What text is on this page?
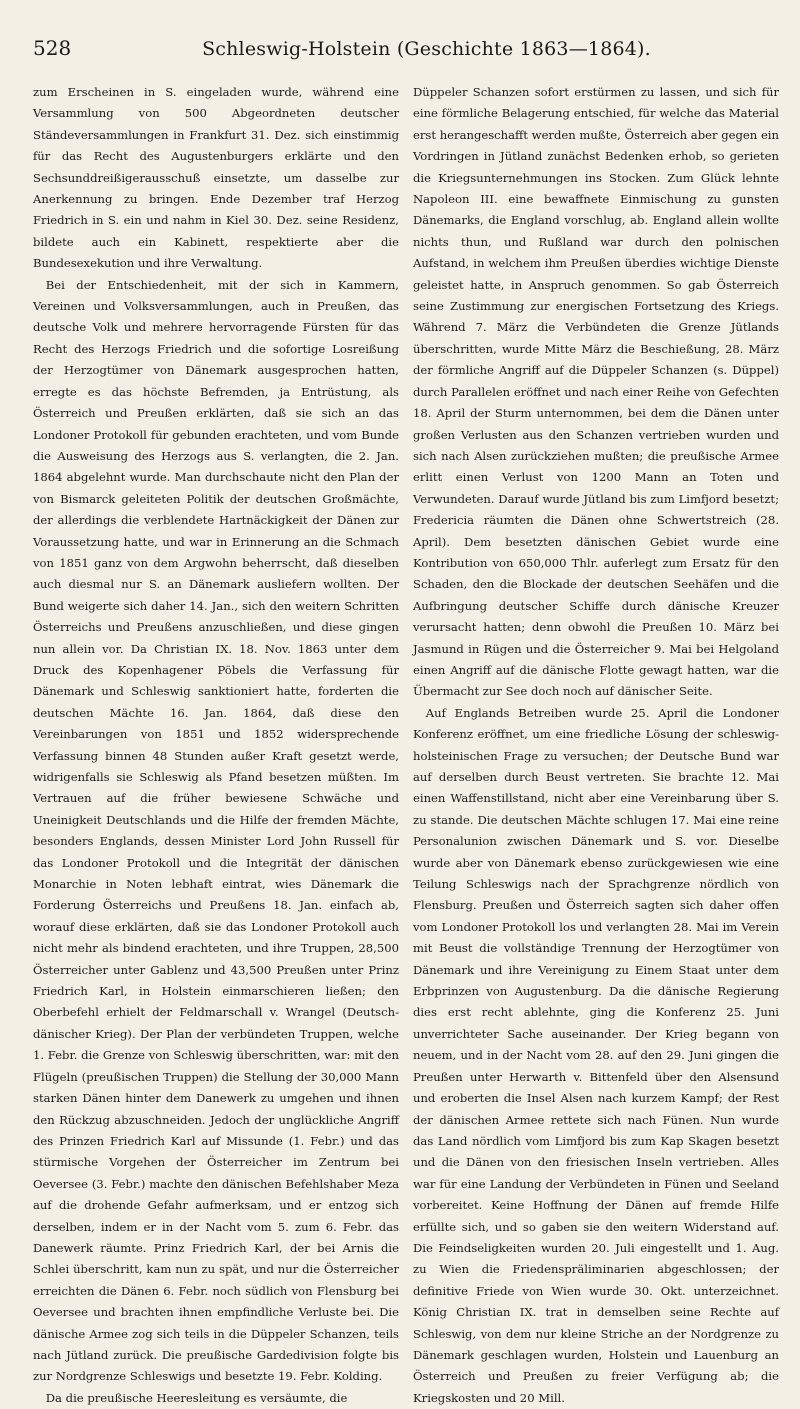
528	Schleswig-Holstein (Geschichte 1863—1864).

zum Erscheinen in S. eingeladen wurde, während eine Versammlung von 500 Abgeordneten deutscher Ständeversammlungen in Frankfurt 31. Dez. sich einstimmig für das Recht des Augustenburgers erklärte und den Sechsunddreißigerausschuß einsetzte, um dasselbe zur Anerkennung zu bringen. Ende Dezember traf Herzog Friedrich in S. ein und nahm in Kiel 30. Dez. seine Residenz, bildete auch ein Kabinett, respektierte aber die Bundesexekution und ihre Verwaltung.

Bei der Entschiedenheit, mit der sich in Kammern, Vereinen und Volksversammlungen, auch in Preußen, das deutsche Volk und mehrere hervorragende Fürsten für das Recht des Herzogs Friedrich und die sofortige Losreißung der Herzogtümer von Dänemark ausgesprochen hatten, erregte es das höchste Befremden, ja Entrüstung, als Österreich und Preußen erklärten, daß sie sich an das Londoner Protokoll für gebunden erachteten, und vom Bunde die Ausweisung des Herzogs aus S. verlangten, die 2. Jan. 1864 abgelehnt wurde. Man durchschaute nicht den Plan der von Bismarck geleiteten Politik der deutschen Großmächte, der allerdings die verblendete Hartnäckigkeit der Dänen zur Voraussetzung hatte, und war in Erinnerung an die Schmach von 1851 ganz von dem Argwohn beherrscht, daß dieselben auch diesmal nur S. an Dänemark ausliefern wollten. Der Bund weigerte sich daher 14. Jan., sich den weitern Schritten Österreichs und Preußens anzuschließen, und diese gingen nun allein vor. Da Christian IX. 18. Nov. 1863 unter dem Druck des Kopenhagener Pöbels die Verfassung für Dänemark und Schleswig sanktioniert hatte, forderten die deutschen Mächte 16. Jan. 1864, daß diese den Vereinbarungen von 1851 und 1852 widersprechende Verfassung binnen 48 Stunden außer Kraft gesetzt werde, widrigenfalls sie Schleswig als Pfand besetzen müßten. Im Vertrauen auf die früher bewiesene Schwäche und Uneinigkeit Deutschlands und die Hilfe der fremden Mächte, besonders Englands, dessen Minister Lord John Russell für das Londoner Protokoll und die Integrität der dänischen Monarchie in Noten lebhaft eintrat, wies Dänemark die Forderung Österreichs und Preußens 18. Jan. einfach ab, worauf diese erklärten, daß sie das Londoner Protokoll auch nicht mehr als bindend erachteten, und ihre Truppen, 28,500 Österreicher unter Gablenz und 43,500 Preußen unter Prinz Friedrich Karl, in Holstein einmarschieren ließen; den Oberbefehl erhielt der Feldmarschall v. Wrangel (Deutsch-dänischer Krieg). Der Plan der verbündeten Truppen, welche 1. Febr. die Grenze von Schleswig überschritten, war: mit den Flügeln (preußischen Truppen) die Stellung der 30,000 Mann starken Dänen hinter dem Danewerk zu umgehen und ihnen den Rückzug abzuschneiden. Jedoch der unglückliche Angriff des Prinzen Friedrich Karl auf Missunde (1. Febr.) und das stürmische Vorgehen der Österreicher im Zentrum bei Oeversee (3. Febr.) machte den dänischen Befehlshaber Meza auf die drohende Gefahr aufmerksam, und er entzog sich derselben, indem er in der Nacht vom 5. zum 6. Febr. das Danewerk räumte. Prinz Friedrich Karl, der bei Arnis die Schlei überschritt, kam nun zu spät, und nur die Österreicher erreichten die Dänen 6. Febr. noch südlich von Flensburg bei Oeversee und brachten ihnen empfindliche Verluste bei. Die dänische Armee zog sich teils in die Düppeler Schanzen, teils nach Jütland zurück. Die preußische Gardedivision folgte bis zur Nordgrenze Schleswigs und besetzte 19. Febr. Kolding.

Da die preußische Heeresleitung es versäumte, die

Düppeler Schanzen sofort erstürmen zu lassen, und sich für eine förmliche Belagerung entschied, für welche das Material erst herangeschafft werden mußte, Österreich aber gegen ein Vordringen in Jütland zunächst Bedenken erhob, so gerieten die Kriegsunternehmungen ins Stocken. Zum Glück lehnte Napoleon III. eine bewaffnete Einmischung zu gunsten Dänemarks, die England vorschlug, ab. England allein wollte nichts thun, und Rußland war durch den polnischen Aufstand, in welchem ihm Preußen überdies wichtige Dienste geleistet hatte, in Anspruch genommen. So gab Österreich seine Zustimmung zur energischen Fortsetzung des Kriegs. Während 7. März die Verbündeten die Grenze Jütlands überschritten, wurde Mitte März die Beschießung, 28. März der förmliche Angriff auf die Düppeler Schanzen (s. Düppel) durch Parallelen eröffnet und nach einer Reihe von Gefechten 18. April der Sturm unternommen, bei dem die Dänen unter großen Verlusten aus den Schanzen vertrieben wurden und sich nach Alsen zurückziehen mußten; die preußische Armee erlitt einen Verlust von 1200 Mann an Toten und Verwundeten. Darauf wurde Jütland bis zum Limfjord besetzt; Fredericia räumten die Dänen ohne Schwertstreich (28. April). Dem besetzten dänischen Gebiet wurde eine Kontribution von 650,000 Thlr. auferlegt zum Ersatz für den Schaden, den die Blockade der deutschen Seehäfen und die Aufbringung deutscher Schiffe durch dänische Kreuzer verursacht hatten; denn obwohl die Preußen 10. März bei Jasmund in Rügen und die Österreicher 9. Mai bei Helgoland einen Angriff auf die dänische Flotte gewagt hatten, war die Übermacht zur See doch noch auf dänischer Seite.

Auf Englands Betreiben wurde 25. April die Londoner Konferenz eröffnet, um eine friedliche Lösung der schleswig-holsteinischen Frage zu versuchen; der Deutsche Bund war auf derselben durch Beust vertreten. Sie brachte 12. Mai einen Waffenstillstand, nicht aber eine Vereinbarung über S. zu stande. Die deutschen Mächte schlugen 17. Mai eine reine Personalunion zwischen Dänemark und S. vor. Dieselbe wurde aber von Dänemark ebenso zurückgewiesen wie eine Teilung Schleswigs nach der Sprachgrenze nördlich von Flensburg. Preußen und Österreich sagten sich daher offen vom Londoner Protokoll los und verlangten 28. Mai im Verein mit Beust die vollständige Trennung der Herzogtümer von Dänemark und ihre Vereinigung zu Einem Staat unter dem Erbprinzen von Augustenburg. Da die dänische Regierung dies erst recht ablehnte, ging die Konferenz 25. Juni unverrichteter Sache auseinander. Der Krieg begann von neuem, und in der Nacht vom 28. auf den 29. Juni gingen die Preußen unter Herwarth v. Bittenfeld über den Alsensund und eroberten die Insel Alsen nach kurzem Kampf; der Rest der dänischen Armee rettete sich nach Fünen. Nun wurde das Land nördlich vom Limfjord bis zum Kap Skagen besetzt und die Dänen von den friesischen Inseln vertrieben. Alles war für eine Landung der Verbündeten in Fünen und Seeland vorbereitet. Keine Hoffnung der Dänen auf fremde Hilfe erfüllte sich, und so gaben sie den weitern Widerstand auf. Die Feindseligkeiten wurden 20. Juli eingestellt und 1. Aug. zu Wien die Friedenspräliminarien abgeschlossen; der definitive Friede von Wien wurde 30. Okt. unterzeichnet. König Christian IX. trat in demselben seine Rechte auf Schleswig, von dem nur kleine Striche an der Nordgrenze zu Dänemark geschlagen wurden, Holstein und Lauenburg an Österreich und Preußen zu freier Verfügung ab; die Kriegskosten und 20 Mill.
